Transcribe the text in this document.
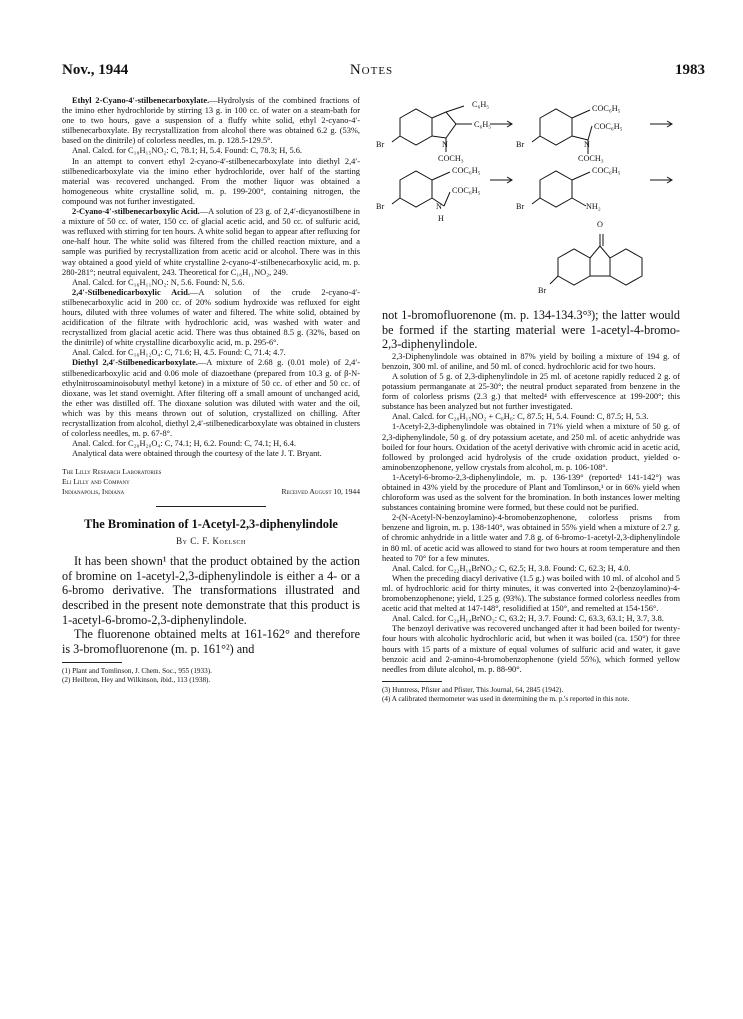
Nov., 1944	Notes	1983

Ethyl 2-Cyano-4′-stilbenecarboxylate.—Hydrolysis of the combined fractions of the imino ether hydrochloride by stirring 13 g. in 100 cc. of water on a steam-bath for one to two hours, gave a suspension of a fluffy white solid, ethyl 2-cyano-4′-stilbenecarboxylate. By recrystallization from alcohol there was obtained 6.2 g. (53%, based on the dinitrile) of colorless needles, m. p. 128.5-129.5°.

Anal. Calcd. for C₁₈H₁₅NO₂: C, 78.1; H, 5.4. Found: C, 78.3; H, 5.6.

In an attempt to convert ethyl 2-cyano-4′-stilbenecarboxylate into diethyl 2,4′-stilbenedicarboxylate via the imino ether hydrochloride, over half of the starting material was recovered unchanged. From the mother liquor was obtained a homogeneous white crystalline solid, m. p. 199-200°, containing nitrogen, the compound was not further investigated.

2-Cyano-4′-stilbenecarboxylic Acid.—A solution of 23 g. of 2,4′-dicyanostilbene in a mixture of 50 cc. of water, 150 cc. of glacial acetic acid, and 50 cc. of sulfuric acid, was refluxed with stirring for ten hours. A white solid began to appear after refluxing for one-half hour. The white solid was filtered from the chilled reaction mixture, and a sample was purified by recrystallization from acetic acid or alcohol. There was in this way obtained a good yield of white crystalline 2-cyano-4′-stilbenecarboxylic acid, m. p. 280-281°; neutral equivalent, 243. Theoretical for C₁₆H₁₁NO₂, 249.

Anal. Calcd. for C₁₆H₁₁NO₂: N, 5.6. Found: N, 5.6.

2,4′-Stilbenedicarboxylic Acid.—A solution of the crude 2-cyano-4′-stilbenecarboxylic acid in 200 cc. of 20% sodium hydroxide was refluxed for eight hours, diluted with three volumes of water and filtered. The white solid, obtained by acidification of the filtrate with hydrochloric acid, was washed with water and recrystallized from glacial acetic acid. There was thus obtained 8.5 g. (32%, based on the dinitrile) of white crystalline dicarboxylic acid, m. p. 295-6°.

Anal. Calcd. for C₁₆H₁₂O₄: C, 71.6; H, 4.5. Found: C, 71.4; 4.7.

Diethyl 2,4′-Stilbenedicarboxylate.—A mixture of 2.68 g. (0.01 mole) of 2,4′-stilbenedicarboxylic acid and 0.06 mole of diazoethane (prepared from 10.3 g. of β-N-ethylnitrosoaminoisobutyl methyl ketone) in a mixture of 50 cc. of ether and 50 cc. of dioxane, was let stand overnight. After filtering off a small amount of unchanged acid, the ether was distilled off. The dioxane solution was diluted with water and the oil, which was by this means thrown out of solution, crystallized on chilling. After recrystallization from alcohol, diethyl 2,4′-stilbenedicarboxylate was obtained in clusters of colorless needles, m. p. 67-8°.

Anal. Calcd. for C₂₀H₂₀O₄: C, 74.1; H, 6.2. Found: C, 74.1; H, 6.4.

Analytical data were obtained through the courtesy of the late J. T. Bryant.

The Lilly Research Laboratories
Eli Lilly and Company
Indianapolis, Indiana	Received August 10, 1944
The Bromination of 1-Acetyl-2,3-diphenylindole
By C. F. Koelsch

It has been shown¹ that the product obtained by the action of bromine on 1-acetyl-2,3-diphenylindole is either a 4- or a 6-bromo derivative. The transformations illustrated and described in the present note demonstrate that this product is 1-acetyl-6-bromo-2,3-diphenylindole.

The fluorenone obtained melts at 161-162° and therefore is 3-bromofluorenone (m. p. 161°²) and

(1) Plant and Tomlinson, J. Chem. Soc., 955 (1933).

(2) Heilbron, Hey and Wilkinson, ibid., 113 (1938).

C₆H₅
C₆H₅
Br	N
COCH₃
COC₆H₅
COC₆H₅
Br	N
COCH₃
COC₆H₅
COC₆H₅
Br	N
H
COC₆H₅
Br	NH₂
O
Br

not 1-bromofluorenone (m. p. 134-134.3°³); the latter would be formed if the starting material were 1-acetyl-4-bromo-2,3-diphenylindole.

2,3-Diphenylindole was obtained in 87% yield by boiling a mixture of 194 g. of benzoin, 300 ml. of aniline, and 50 ml. of concd. hydrochloric acid for two hours.

A solution of 5 g. of 2,3-diphenylindole in 25 ml. of acetone rapidly reduced 2 g. of potassium permanganate at 25-30°; the neutral product separated from benzene in the form of colorless prisms (2.3 g.) that melted⁴ with effervescence at 199-200°; this substance has been analyzed but not further investigated.

Anal. Calcd. for C₂₀H₁₅NO₂ + C₆H₆: C, 87.5; H, 5.4. Found: C, 87.5; H, 5.3.

1-Acetyl-2,3-diphenylindole was obtained in 71% yield when a mixture of 50 g. of 2,3-diphenylindole, 50 g. of dry potassium acetate, and 250 ml. of acetic anhydride was boiled for four hours. Oxidation of the acetyl derivative with chromic acid in acetic acid, followed by prolonged acid hydrolysis of the crude oxidation product, yielded o-aminobenzophenone, yellow crystals from alcohol, m. p. 106-108°.

1-Acetyl-6-bromo-2,3-diphenylindole, m. p. 136-139° (reported¹ 141-142°) was obtained in 43% yield by the procedure of Plant and Tomlinson,¹ or in 66% yield when chloroform was used as the solvent for the bromination. In both instances lower melting substances containing bromine were formed, but these could not be purified.

2-(N-Acetyl-N-benzoylamino)-4-bromobenzophenone, colorless prisms from benzene and ligroin, m. p. 138-140°, was obtained in 55% yield when a mixture of 2.7 g. of chromic anhydride in a little water and 7.8 g. of 6-bromo-1-acetyl-2,3-diphenylindole in 80 ml. of acetic acid was allowed to stand for two hours at room temperature and then heated to 70° for a few minutes.

Anal. Calcd. for C₂₂H₁₆BrNO₃: C, 62.5; H, 3.8. Found: C, 62.3; H, 4.0.

When the preceding diacyl derivative (1.5 g.) was boiled with 10 ml. of alcohol and 5 ml. of hydrochloric acid for thirty minutes, it was converted into 2-(benzoylamino)-4-bromobenzophenone; yield, 1.25 g. (93%). The substance formed colorless needles from acetic acid that melted at 147-148°, resolidified at 150°, and remelted at 154-156°.

Anal. Calcd. for C₂₀H₁₄BrNO₂: C, 63.2; H, 3.7. Found: C, 63.3, 63.1; H, 3.7, 3.8.

The benzoyl derivative was recovered unchanged after it had been boiled for twenty-four hours with alcoholic hydrochloric acid, but when it was boiled (ca. 150°) for three hours with 15 parts of a mixture of equal volumes of sulfuric acid and water, it gave benzoic acid and 2-amino-4-bromobenzophenone (yield 55%), which formed yellow needles from dilute alcohol, m. p. 88-90°.

(3) Huntress, Pfister and Pfister, This Journal, 64, 2845 (1942).

(4) A calibrated thermometer was used in determining the m. p.'s reported in this note.
